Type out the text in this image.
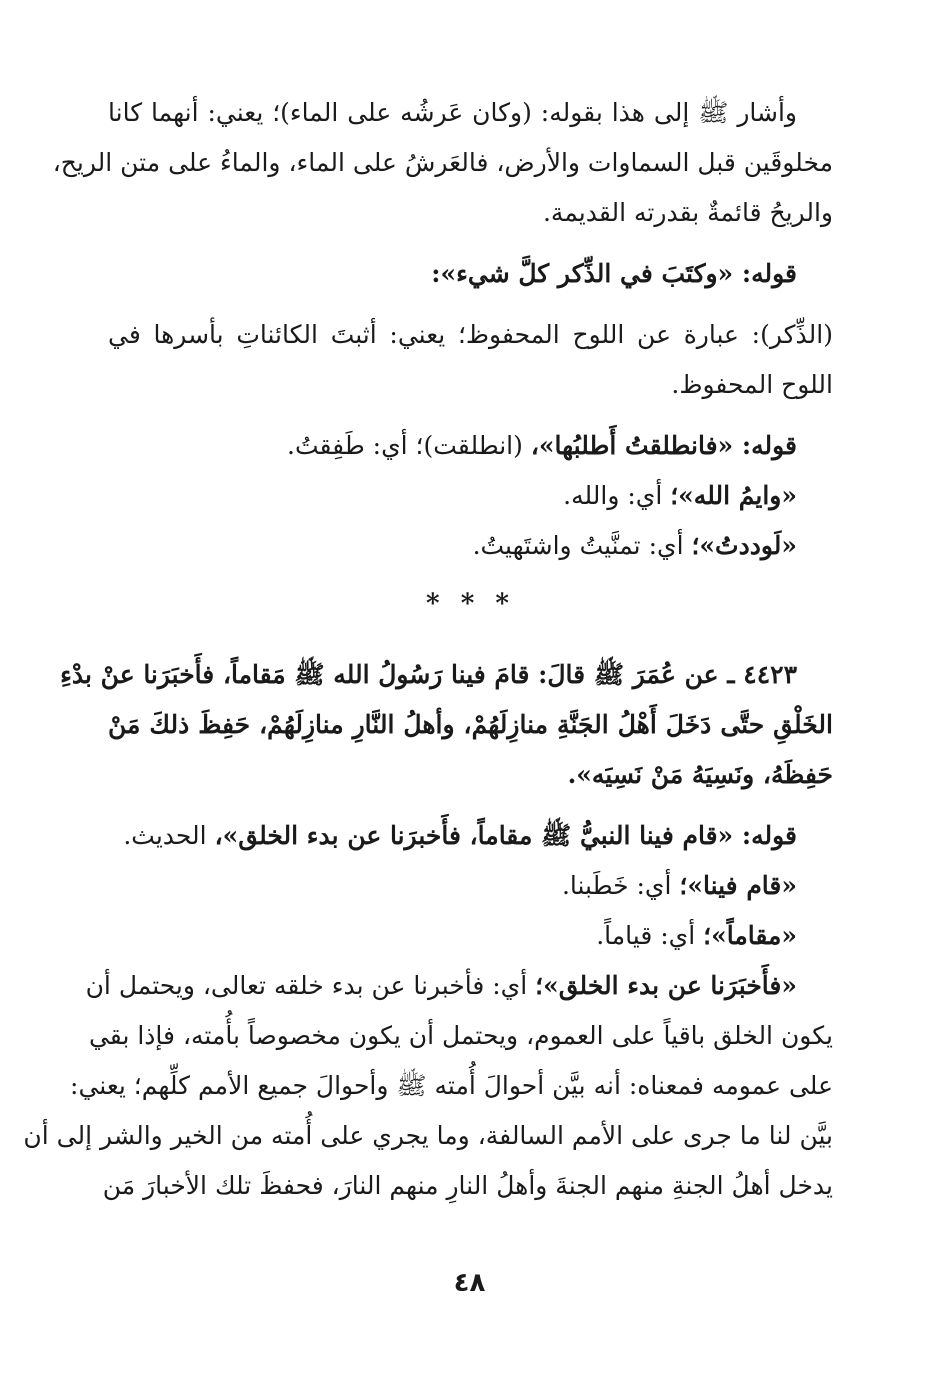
وأشار ﷺ إلى هذا بقوله: (وكان عَرشُه على الماء)؛ يعني: أنهما كانا
مخلوقَين قبل السماوات والأرض، فالعَرشُ على الماء، والماءُ على متن الريح،
والريحُ قائمةٌ بقدرته القديمة.
قوله: «وكتَبَ في الذِّكر كلَّ شيء»:
(الذِّكر): عبارة عن اللوح المحفوظ؛ يعني: أثبتَ الكائناتِ بأسرها في
اللوح المحفوظ.
قوله: «فانطلقتُ أَطلبُها»، (انطلقت)؛ أي: طَفِقتُ.
«وايمُ الله»؛ أي: والله.
«لَوددتُ»؛ أي: تمنَّيتُ واشتَهيتُ.
* * *
٤٤٢٣ ـ عن عُمَرَ ﷺ قالَ: قامَ فينا رَسُولُ الله ﷺ مَقاماً، فأَخبَرَنا عنْ بدْءِ
الخَلْقِ حتَّى دَخَلَ أَهْلُ الجَنَّةِ منازِلَهُمْ، وأهلُ النَّارِ منازِلَهُمْ، حَفِظَ ذلكَ مَنْ
حَفِظَهُ، ونَسِيَهُ مَنْ نَسِيَه».
قوله: «قام فينا النبيُّ ﷺ مقاماً، فأَخبرَنا عن بدء الخلق»، الحديث.
«قام فينا»؛ أي: خَطَبنا.
«مقاماً»؛ أي: قياماً.
«فأَخبَرَنا عن بدء الخلق»؛ أي: فأخبرنا عن بدء خلقه تعالى، ويحتمل أن
يكون الخلق باقياً على العموم، ويحتمل أن يكون مخصوصاً بأُمته، فإذا بقي
على عمومه فمعناه: أنه بيَّن أحوالَ أُمته ﷺ وأحوالَ جميع الأمم كلِّهم؛ يعني:
بيَّن لنا ما جرى على الأمم السالفة، وما يجري على أُمته من الخير والشر إلى أن
يدخل أهلُ الجنةِ منهم الجنةَ وأهلُ النارِ منهم النارَ، فحفظَ تلك الأخبارَ مَن
٤٨
